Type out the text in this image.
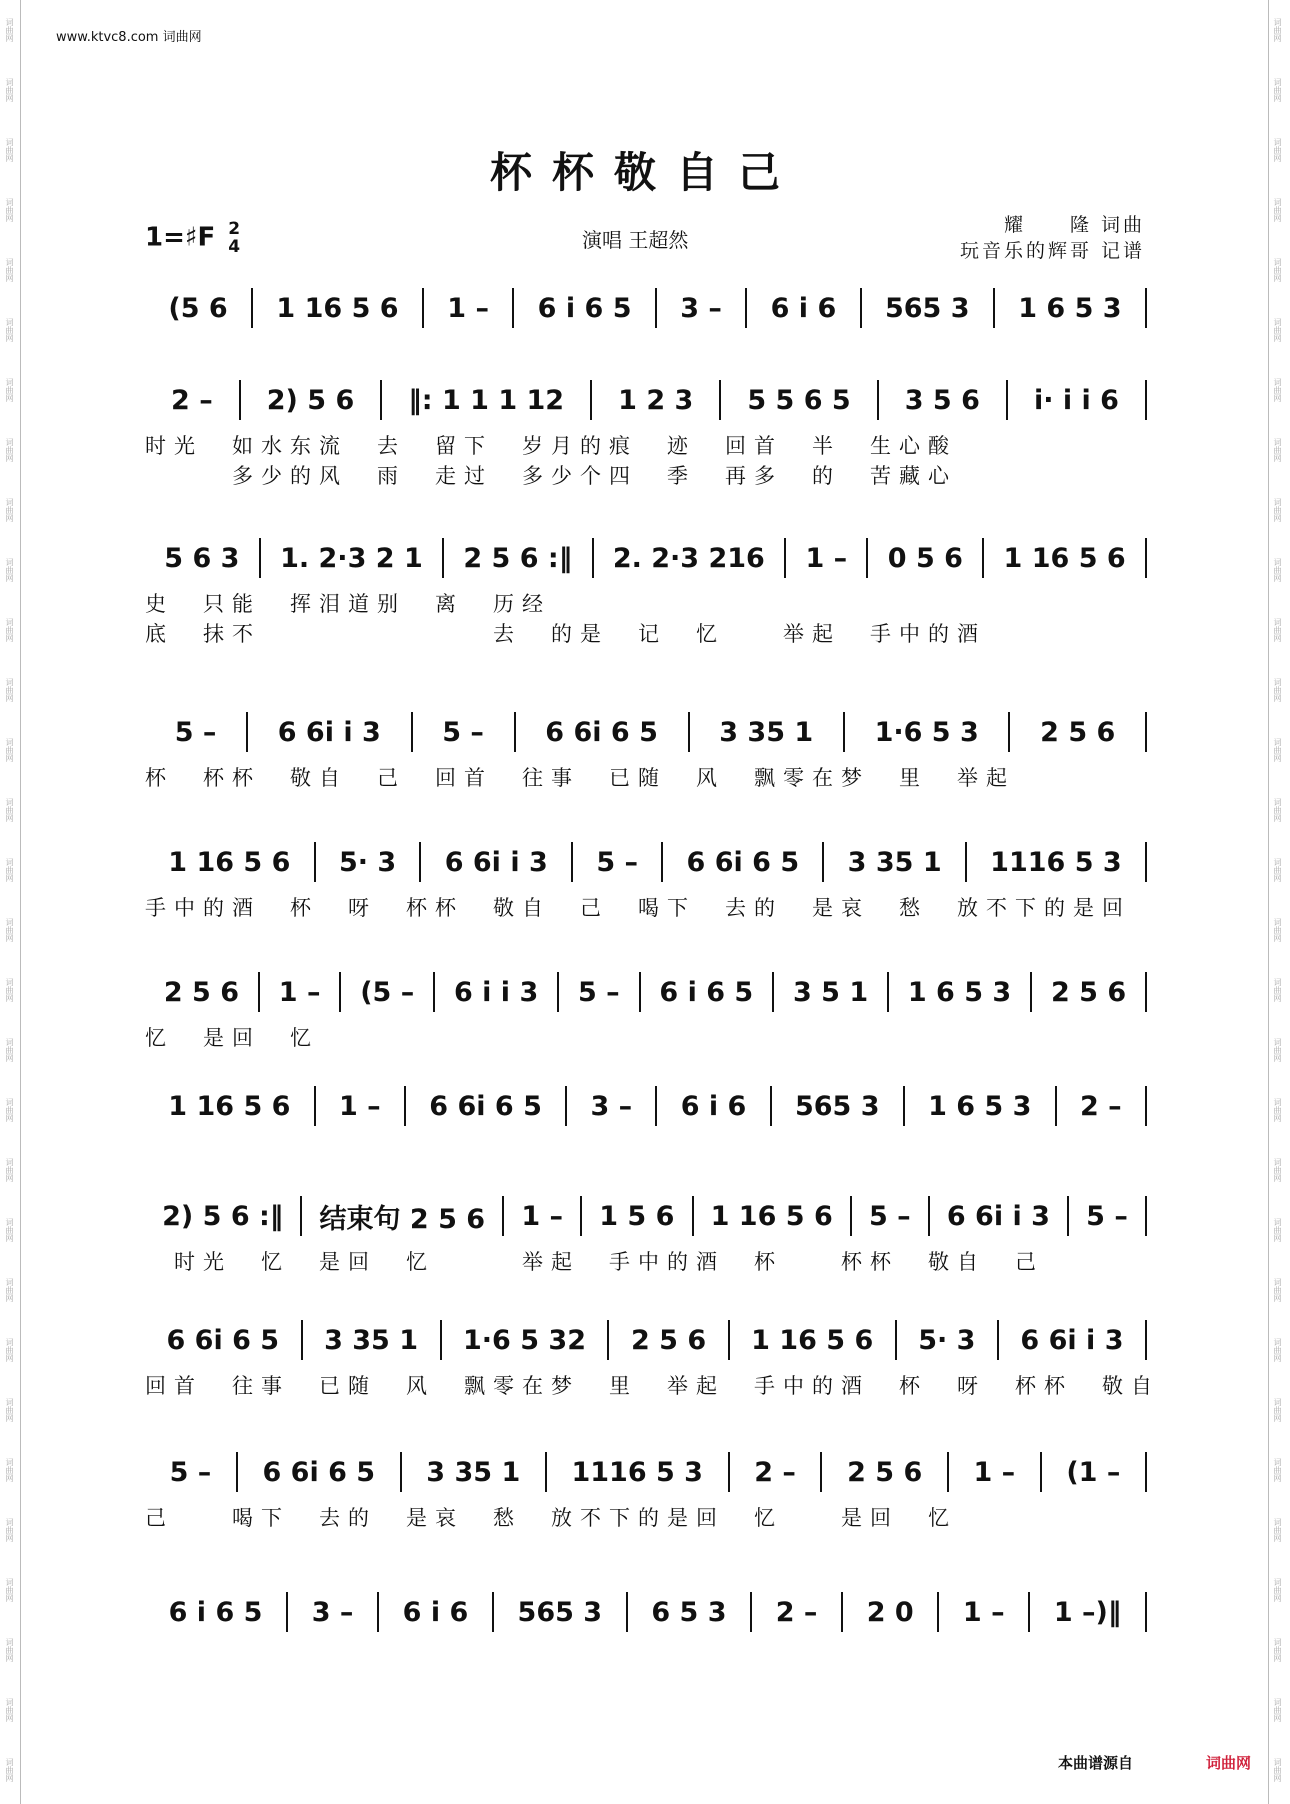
词曲网
词曲网
词曲网
词曲网
词曲网
词曲网
词曲网
词曲网
词曲网
词曲网
词曲网
词曲网
词曲网
词曲网
词曲网
词曲网
词曲网
词曲网
词曲网
词曲网
词曲网
词曲网
词曲网
词曲网
词曲网
词曲网
词曲网
词曲网
词曲网
词曲网
词曲网
词曲网
词曲网
词曲网
词曲网
词曲网
词曲网
词曲网
词曲网
词曲网
词曲网
词曲网
词曲网
词曲网
词曲网
词曲网
词曲网
词曲网
词曲网
词曲网
词曲网
词曲网
词曲网
词曲网
词曲网
词曲网
词曲网
词曲网
词曲网
词曲网
www.ktvc8.com 词曲网
杯杯敬自己
1=♯F 2
4	演唱 王超然
耀　　隆 词曲
玩音乐的辉哥 记谱
(5 6	1 16 5 6	1 –	6 i 6 5	3 –	6 i 6	565 3	1 6 5 3
2 –	2) 5 6	‖: 1 1 1 12	1 2 3	5 5 6 5	3 5 6	i· i i 6
时光　如水东流　去　留下　岁月的痕　迹　回首　半　生心酸
　　　多少的风　雨　走过　多少个四　季　再多　的　苦藏心
5 6 3	1. 2·3 2 1	2 5 6 :‖	2. 2·3 216	1 –	0 5 6	1 16 5 6
史　只能　挥泪道别　离　历经
底　抹不　　　　　　　　去　的是　记　忆　　举起　手中的酒
5 –	6 6i i 3	5 –	6 6i 6 5	3 35 1	1·6 5 3	2 5 6
杯　杯杯　敬自　己　回首　往事　已随　风　飘零在梦　里　举起
1 16 5 6	5· 3	6 6i i 3	5 –	6 6i 6 5	3 35 1	1116 5 3
手中的酒　杯　呀　杯杯　敬自　己　喝下　去的　是哀　愁　放不下的是回
2 5 6	1 –	(5 –	6 i i 3	5 –	6 i 6 5	3 5 1	1 6 5 3	2 5 6
忆　是回　忆
1 16 5 6	1 –	6 6i 6 5	3 –	6 i 6	565 3	1 6 5 3	2 –
2) 5 6 :‖	结束句 2 5 6	1 –	1 5 6	1 16 5 6	5 –	6 6i i 3	5 –
　时光　忆　是回　忆　　　举起　手中的酒　杯　　杯杯　敬自　己
6 6i 6 5	3 35 1	1·6 5 32	2 5 6	1 16 5 6	5· 3	6 6i i 3
回首　往事　已随　风　飘零在梦　里　举起　手中的酒　杯　呀　杯杯　敬自
5 –	6 6i 6 5	3 35 1	1116 5 3	2 –	2 5 6	1 –	(1 –
己　　喝下　去的　是哀　愁　放不下的是回　忆　　是回　忆
6 i 6 5	3 –	6 i 6	565 3	6 5 3	2 –	2 0	1 –	1 –)‖
本曲谱源自	词曲网
